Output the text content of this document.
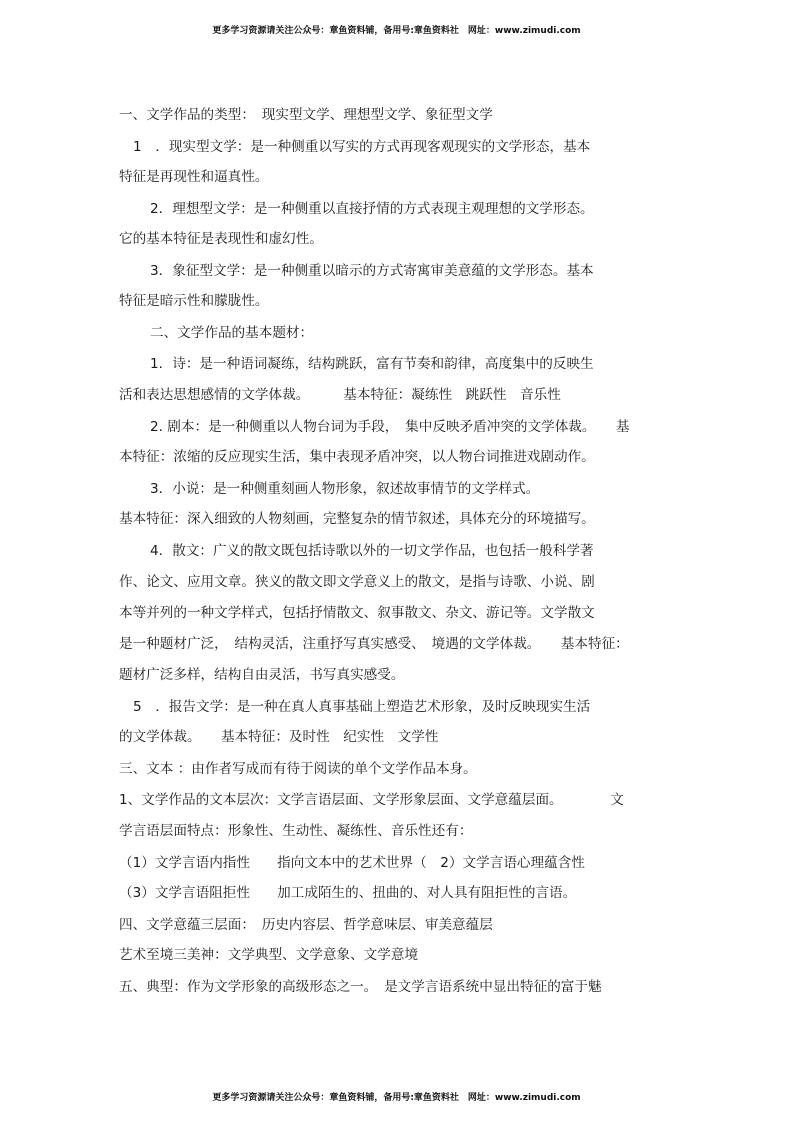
更多学习资源请关注公众号：章鱼资料铺，备用号:章鱼资料社　网址：www.zimudi.com
一、文学作品的类型：　现实型文学、理想型文学、象征型文学
1　．现实型文学：是一种侧重以写实的方式再现客观现实的文学形态，基本
特征是再现性和逼真性。
2．理想型文学：是一种侧重以直接抒情的方式表现主观理想的文学形态。
它的基本特征是表现性和虚幻性。
3．象征型文学：是一种侧重以暗示的方式寄寓审美意蕴的文学形态。基本
特征是暗示性和朦胧性。
二、文学作品的基本题材：
1．诗：是一种语词凝练，结构跳跃，富有节奏和韵律，高度集中的反映生
活和表达思想感情的文学体裁。　　　基本特征：凝练性　跳跃性　音乐性
2. 剧本：是一种侧重以人物台词为手段，　集中反映矛盾冲突的文学体裁。　　基
本特征：浓缩的反应现实生活，集中表现矛盾冲突，以人物台词推进戏剧动作。
3．小说：是一种侧重刻画人物形象，叙述故事情节的文学样式。
基本特征：深入细致的人物刻画，完整复杂的情节叙述，具体充分的环境描写。
4．散文：广义的散文既包括诗歌以外的一切文学作品，也包括一般科学著
作、论文、应用文章。狭义的散文即文学意义上的散文，是指与诗歌、小说、剧
本等并列的一种文学样式，包括抒情散文、叙事散文、杂文、游记等。文学散文
是一种题材广泛，　结构灵活，注重抒写真实感受、　境遇的文学体裁。　　基本特征：
题材广泛多样，结构自由灵活，书写真实感受。
5　．报告文学：是一种在真人真事基础上塑造艺术形象，及时反映现实生活
的文学体裁。　　基本特征：及时性　纪实性　文学性
三、文本 ：由作者写成而有待于阅读的单个文学作品本身。
1、文学作品的文本层次：文学言语层面、文学形象层面、文学意蕴层面。　　　　文
学言语层面特点：形象性、生动性、凝练性、音乐性还有：
（1）文学言语内指性　　指向文本中的艺术世界（　2）文学言语心理蕴含性
（3）文学言语阻拒性　　加工成陌生的、扭曲的、对人具有阻拒性的言语。
四、文学意蕴三层面：　历史内容层、哲学意味层、审美意蕴层
艺术至境三美神：文学典型、文学意象、文学意境
五、典型：作为文学形象的高级形态之一。　是文学言语系统中显出特征的富于魅
更多学习资源请关注公众号：章鱼资料铺，备用号:章鱼资料社　网址：www.zimudi.com
